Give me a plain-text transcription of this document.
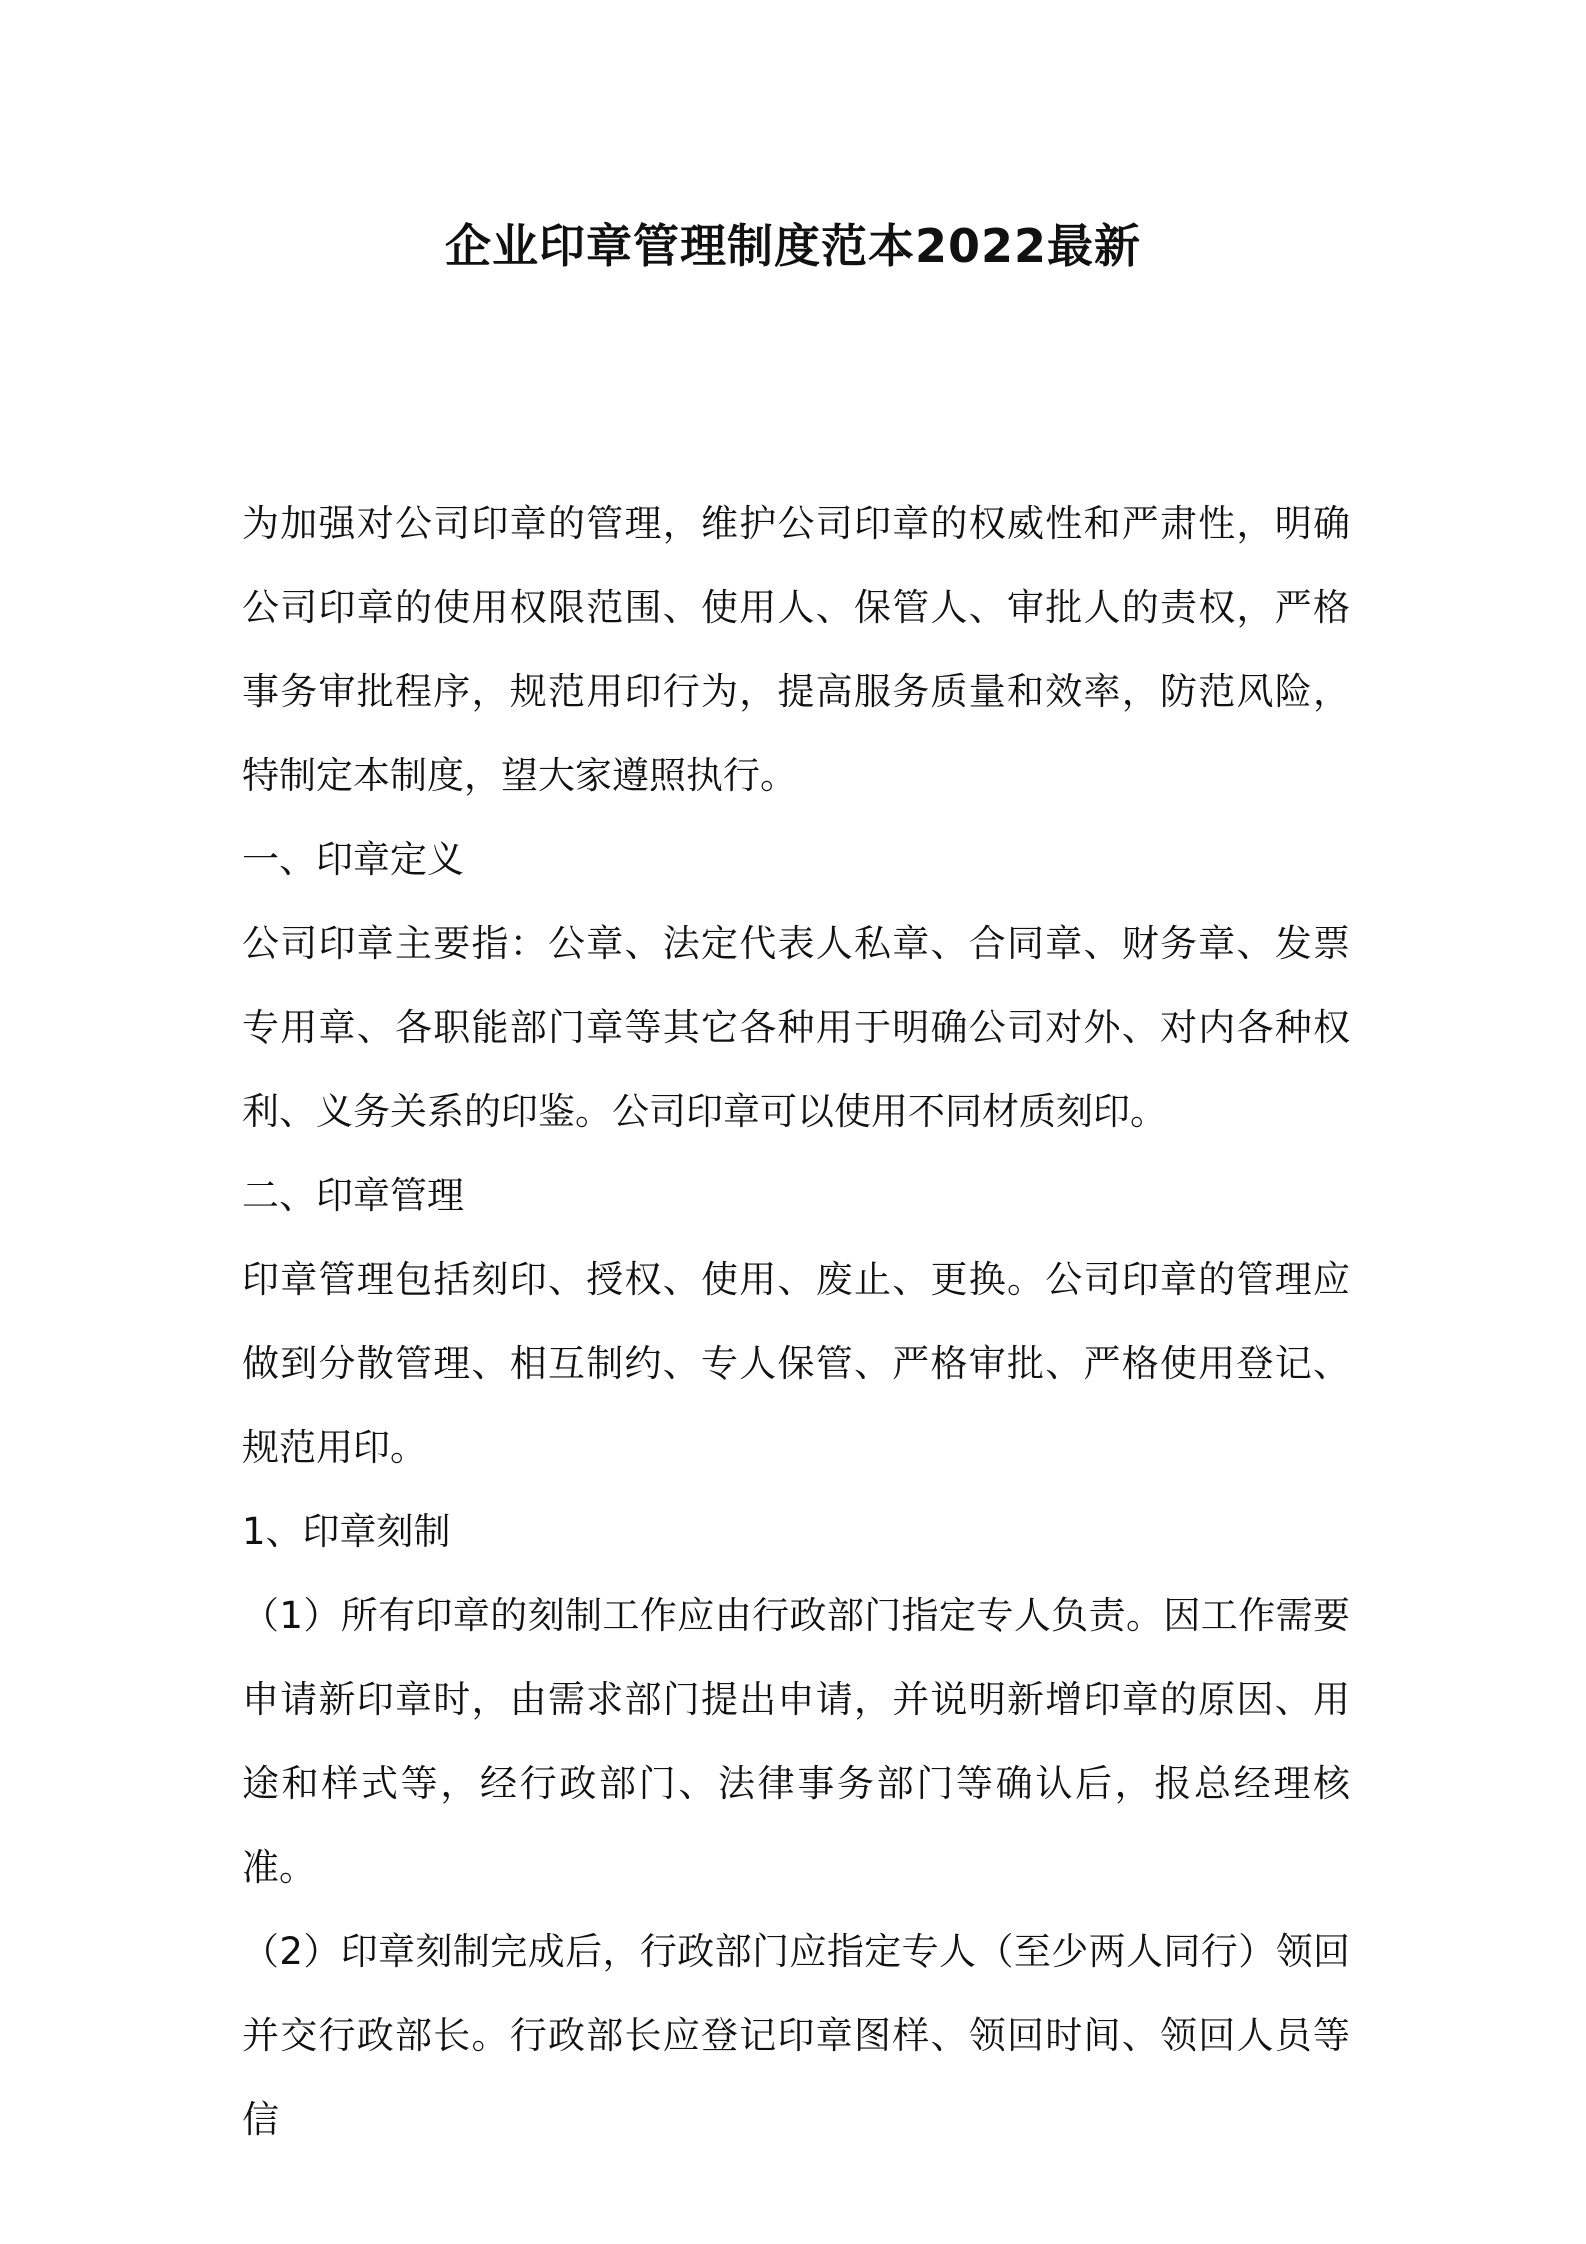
企业印章管理制度范本2022最新

为加强对公司印章的管理，维护公司印章的权威性和严肃性，明确公司印章的使用权限范围、使用人、保管人、审批人的责权，严格事务审批程序，规范用印行为，提高服务质量和效率，防范风险，特制定本制度，望大家遵照执行。

一、印章定义

公司印章主要指：公章、法定代表人私章、合同章、财务章、发票专用章、各职能部门章等其它各种用于明确公司对外、对内各种权利、义务关系的印鉴。公司印章可以使用不同材质刻印。

二、印章管理

印章管理包括刻印、授权、使用、废止、更换。公司印章的管理应做到分散管理、相互制约、专人保管、严格审批、严格使用登记、规范用印。

1、印章刻制

（1）所有印章的刻制工作应由行政部门指定专人负责。因工作需要申请新印章时，由需求部门提出申请，并说明新增印章的原因、用途和样式等，经行政部门、法律事务部门等确认后，报总经理核准。

（2）印章刻制完成后，行政部门应指定专人（至少两人同行）领回并交行政部长。行政部长应登记印章图样、领回时间、领回人员等信
